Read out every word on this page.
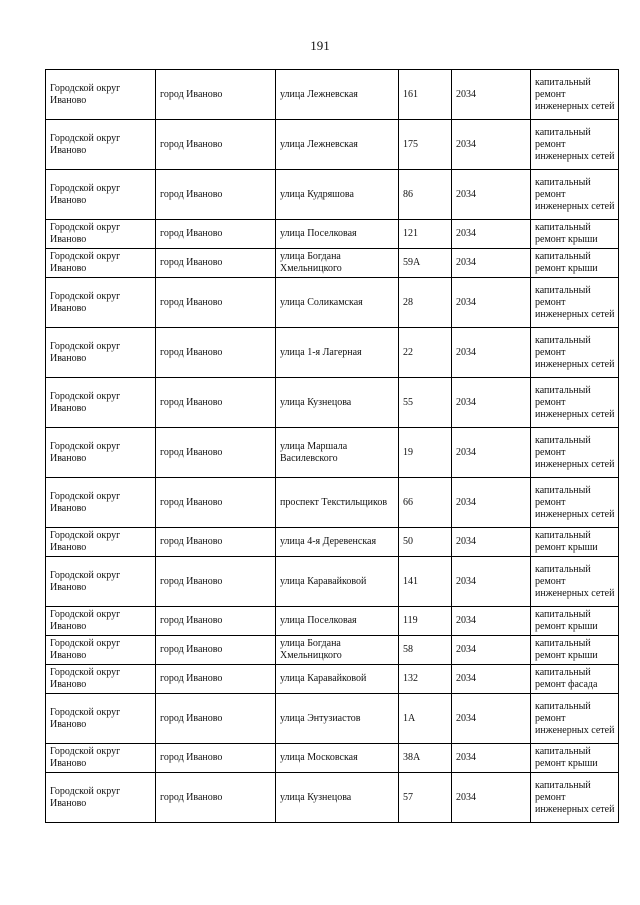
191
Городской округ Иваново	город Иваново	улица Лежневская	161	2034	капитальный ремонт инженерных сетей
Городской округ Иваново	город Иваново	улица Лежневская	175	2034	капитальный ремонт инженерных сетей
Городской округ Иваново	город Иваново	улица Кудряшова	86	2034	капитальный ремонт инженерных сетей
Городской округ Иваново	город Иваново	улица Поселковая	121	2034	капитальный ремонт крыши
Городской округ Иваново	город Иваново	улица Богдана Хмельницкого	59А	2034	капитальный ремонт крыши
Городской округ Иваново	город Иваново	улица Соликамская	28	2034	капитальный ремонт инженерных сетей
Городской округ Иваново	город Иваново	улица 1-я Лагерная	22	2034	капитальный ремонт инженерных сетей
Городской округ Иваново	город Иваново	улица Кузнецова	55	2034	капитальный ремонт инженерных сетей
Городской округ Иваново	город Иваново	улица Маршала Василевского	19	2034	капитальный ремонт инженерных сетей
Городской округ Иваново	город Иваново	проспект Текстильщиков	66	2034	капитальный ремонт инженерных сетей
Городской округ Иваново	город Иваново	улица 4-я Деревенская	50	2034	капитальный ремонт крыши
Городской округ Иваново	город Иваново	улица Каравайковой	141	2034	капитальный ремонт инженерных сетей
Городской округ Иваново	город Иваново	улица Поселковая	119	2034	капитальный ремонт крыши
Городской округ Иваново	город Иваново	улица Богдана Хмельницкого	58	2034	капитальный ремонт крыши
Городской округ Иваново	город Иваново	улица Каравайковой	132	2034	капитальный ремонт фасада
Городской округ Иваново	город Иваново	улица Энтузиастов	1А	2034	капитальный ремонт инженерных сетей
Городской округ Иваново	город Иваново	улица Московская	38А	2034	капитальный ремонт крыши
Городской округ Иваново	город Иваново	улица Кузнецова	57	2034	капитальный ремонт инженерных сетей
